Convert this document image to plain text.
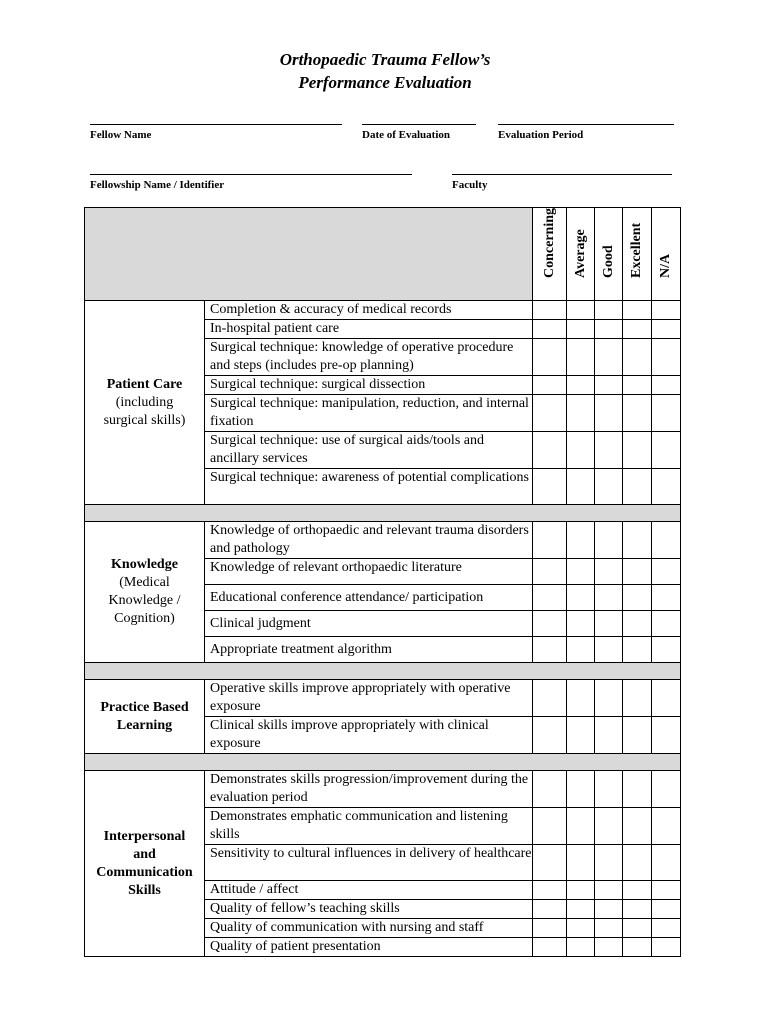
Orthopaedic Trauma Fellow’s
Performance Evaluation
Fellow Name	Date of Evaluation	Evaluation Period
Fellowship Name / Identifier	Faculty

		Concerning	Average	Good	Excellent	N/A

Patient Care
(including
surgical skills)	Completion & accuracy of medical records					
	In-hospital patient care					
	Surgical technique: knowledge of operative procedure and steps (includes pre-op planning)					
	Surgical technique: surgical dissection					
	Surgical technique: manipulation, reduction, and internal fixation					
	Surgical technique: use of surgical aids/tools and ancillary services					
	Surgical technique: awareness of potential complications					

Knowledge
(Medical
Knowledge /
Cognition)	Knowledge of orthopaedic and relevant trauma disorders and pathology					
	Knowledge of relevant orthopaedic literature					
	Educational conference attendance/ participation					
	Clinical judgment					
	Appropriate treatment algorithm					

Practice Based
Learning	Operative skills improve appropriately with operative exposure					
	Clinical skills improve appropriately with clinical exposure					

Interpersonal
and
Communication
Skills	Demonstrates skills progression/improvement during the evaluation period					
	Demonstrates emphatic communication and listening skills					
	Sensitivity to cultural influences in delivery of healthcare					
	Attitude / affect					
	Quality of fellow’s teaching skills					
	Quality of communication with nursing and staff					
	Quality of patient presentation					
